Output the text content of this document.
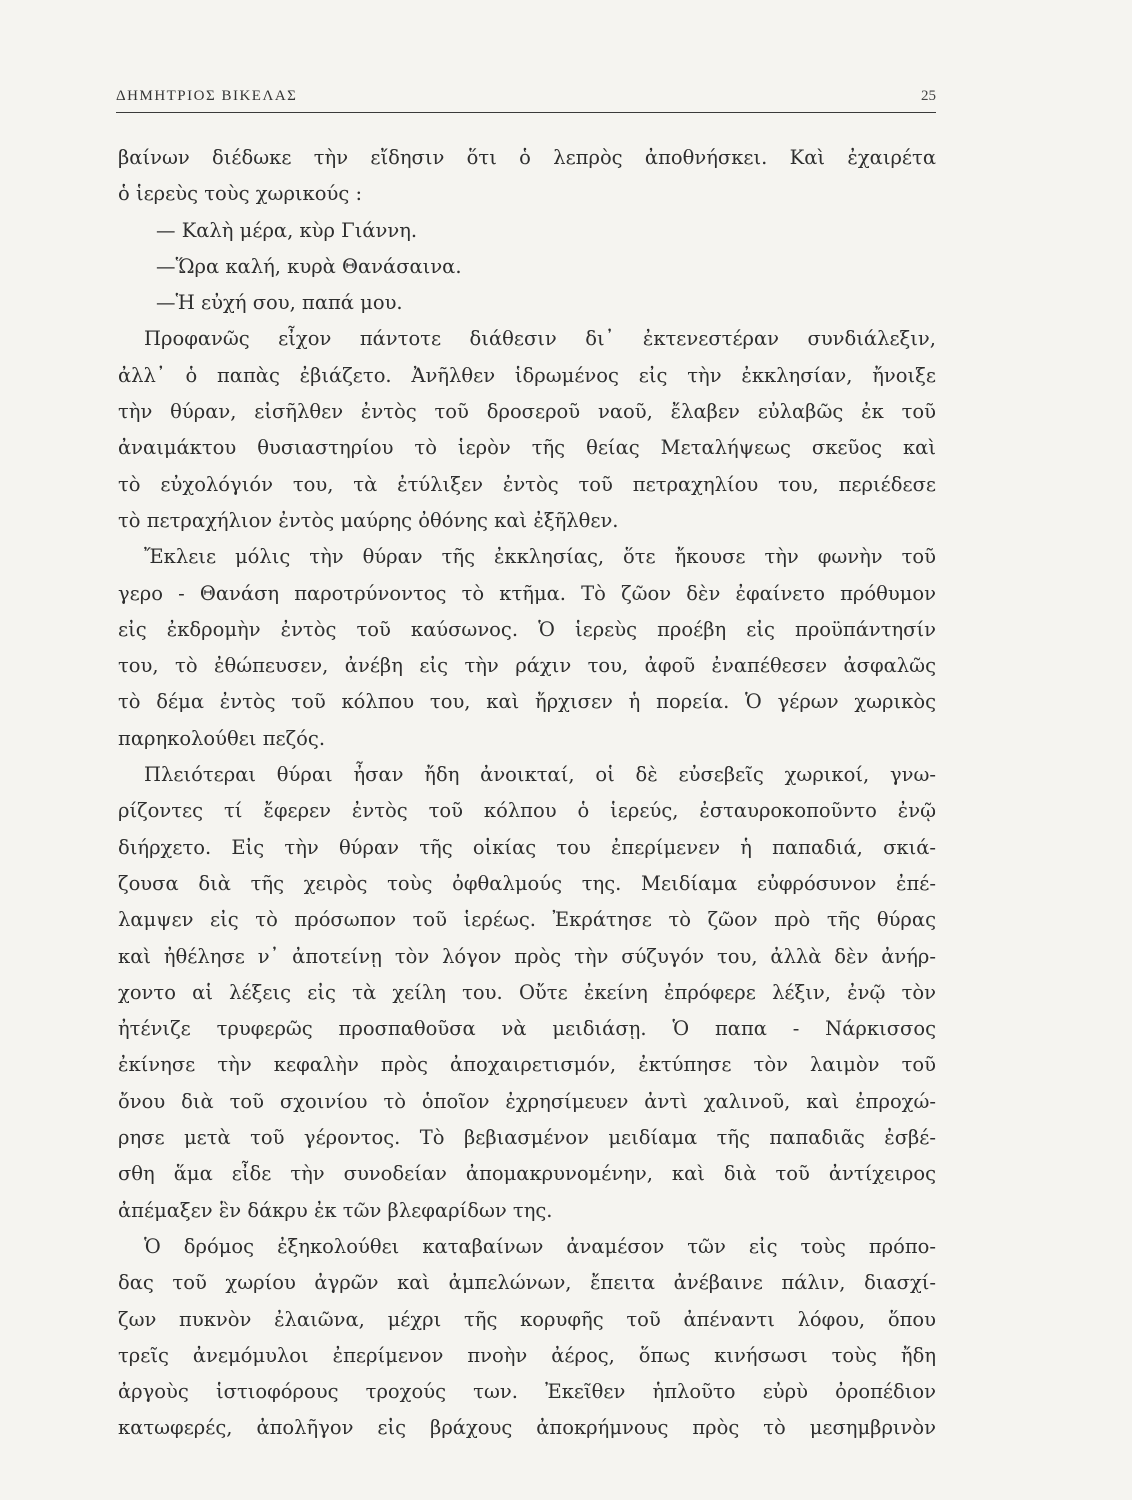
ΔΗΜΗΤΡΙΟΣ ΒΙΚΕΛΑΣ	25
βαίνων διέδωκε τὴν εἴδησιν ὅτι ὁ λεπρὸς ἀποθνήσκει. Καὶ ἐχαιρέτα
ὁ ἱερεὺς τοὺς χωρικούς :
— Καλὴ μέρα, κὺρ Γιάννη.
—Ὥρα καλή, κυρὰ Θανάσαινα.
—Ἡ εὐχή σου, παπά μου.
Προφανῶς εἶχον πάντοτε διάθεσιν δι᾿ ἐκτενεστέραν συνδιάλεξιν,
ἀλλ᾿ ὁ παπὰς ἐβιάζετο. Ἀνῆλθεν ἱδρωμένος εἰς τὴν ἐκκλησίαν, ἤνοιξε
τὴν θύραν, εἰσῆλθεν ἐντὸς τοῦ δροσεροῦ ναοῦ, ἔλαβεν εὐλαβῶς ἐκ τοῦ
ἀναιμάκτου θυσιαστηρίου τὸ ἱερὸν τῆς θείας Μεταλήψεως σκεῦος καὶ
τὸ εὐχολόγιόν του, τὰ ἐτύλιξεν ἐντὸς τοῦ πετραχηλίου του, περιέδεσε
τὸ πετραχήλιον ἐντὸς μαύρης ὀθόνης καὶ ἐξῆλθεν.
Ἔκλειε μόλις τὴν θύραν τῆς ἐκκλησίας, ὅτε ἤκουσε τὴν φωνὴν τοῦ
γερο - Θανάση παροτρύνοντος τὸ κτῆμα. Τὸ ζῶον δὲν ἐφαίνετο πρόθυμον
εἰς ἐκδρομὴν ἐντὸς τοῦ καύσωνος. Ὁ ἱερεὺς προέβη εἰς προϋπάντησίν
του, τὸ ἐθώπευσεν, ἀνέβη εἰς τὴν ράχιν του, ἀφοῦ ἐναπέθεσεν ἀσφαλῶς
τὸ δέμα ἐντὸς τοῦ κόλπου του, καὶ ἤρχισεν ἡ πορεία. Ὁ γέρων χωρικὸς
παρηκολούθει πεζός.
Πλειότεραι θύραι ἦσαν ἤδη ἀνοικταί, οἱ δὲ εὐσεβεῖς χωρικοί, γνω-
ρίζοντες τί ἔφερεν ἐντὸς τοῦ κόλπου ὁ ἱερεύς, ἐσταυροκοποῦντο ἐνῷ
διήρχετο. Εἰς τὴν θύραν τῆς οἰκίας του ἐπερίμενεν ἡ παπαδιά, σκιά-
ζουσα διὰ τῆς χειρὸς τοὺς ὀφθαλμούς της. Μειδίαμα εὐφρόσυνον ἐπέ-
λαμψεν εἰς τὸ πρόσωπον τοῦ ἱερέως. Ἐκράτησε τὸ ζῶον πρὸ τῆς θύρας
καὶ ἠθέλησε ν᾿ ἀποτείνῃ τὸν λόγον πρὸς τὴν σύζυγόν του, ἀλλὰ δὲν ἀνήρ-
χοντο αἱ λέξεις εἰς τὰ χείλη του. Οὔτε ἐκείνη ἐπρόφερε λέξιν, ἐνῷ τὸν
ἠτένιζε τρυφερῶς προσπαθοῦσα νὰ μειδιάσῃ. Ὁ παπα - Νάρκισσος
ἐκίνησε τὴν κεφαλὴν πρὸς ἀποχαιρετισμόν, ἐκτύπησε τὸν λαιμὸν τοῦ
ὄνου διὰ τοῦ σχοινίου τὸ ὁποῖον ἐχρησίμευεν ἀντὶ χαλινοῦ, καὶ ἐπροχώ-
ρησε μετὰ τοῦ γέροντος. Τὸ βεβιασμένον μειδίαμα τῆς παπαδιᾶς ἐσβέ-
σθη ἅμα εἶδε τὴν συνοδείαν ἀπομακρυνομένην, καὶ διὰ τοῦ ἀντίχειρος
ἀπέμαξεν ἓν δάκρυ ἐκ τῶν βλεφαρίδων της.
Ὁ δρόμος ἐξηκολούθει καταβαίνων ἀναμέσον τῶν εἰς τοὺς πρόπο-
δας τοῦ χωρίου ἀγρῶν καὶ ἀμπελώνων, ἔπειτα ἀνέβαινε πάλιν, διασχί-
ζων πυκνὸν ἐλαιῶνα, μέχρι τῆς κορυφῆς τοῦ ἀπέναντι λόφου, ὅπου
τρεῖς ἀνεμόμυλοι ἐπερίμενον πνοὴν ἀέρος, ὅπως κινήσωσι τοὺς ἤδη
ἀργοὺς ἱστιοφόρους τροχούς των. Ἐκεῖθεν ἡπλοῦτο εὐρὺ ὀροπέδιον
κατωφερές, ἀπολῆγον εἰς βράχους ἀποκρήμνους πρὸς τὸ μεσημβρινὸν
